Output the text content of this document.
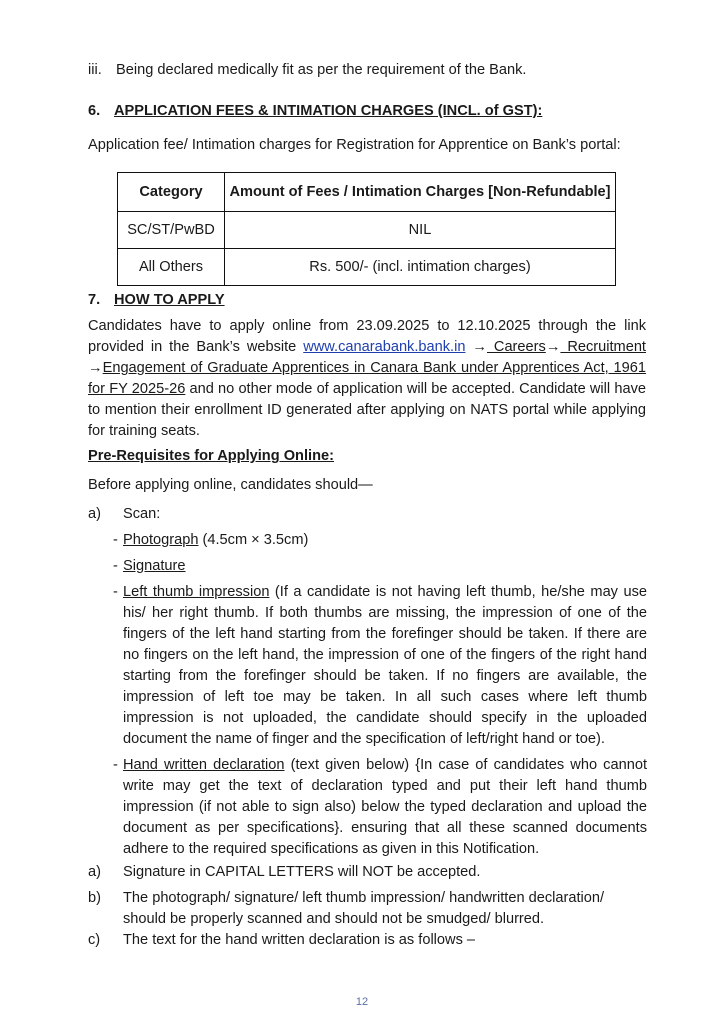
iii. Being declared medically fit as per the requirement of the Bank.

6. APPLICATION FEES & INTIMATION CHARGES (INCL. of GST):

Application fee/ Intimation charges for Registration for Apprentice on Bank’s portal:

Category	Amount of Fees / Intimation Charges [Non-Refundable]
SC/ST/PwBD	NIL
All Others	Rs. 500/- (incl. intimation charges)
7. HOW TO APPLY

Candidates have to apply online from 23.09.2025 to 12.10.2025 through the link provided in the Bank’s website www.canarabank.bank.in → Careers→ Recruitment →Engagement of Graduate Apprentices in Canara Bank under Apprentices Act, 1961 for FY 2025-26 and no other mode of application will be accepted. Candidate will have to mention their enrollment ID generated after applying on NATS portal while applying for training seats.

Pre-Requisites for Applying Online:

Before applying online, candidates should—

a) Scan:

- Photograph (4.5cm × 3.5cm)
- Signature
- Left thumb impression (If a candidate is not having left thumb, he/she may use his/ her right thumb. If both thumbs are missing, the impression of one of the fingers of the left hand starting from the forefinger should be taken. If there are no fingers on the left hand, the impression of one of the fingers of the right hand starting from the forefinger should be taken. If no fingers are available, the impression of left toe may be taken. In all such cases where left thumb impression is not uploaded, the candidate should specify in the uploaded document the name of finger and the specification of left/right hand or toe).
- Hand written declaration (text given below) {In case of candidates who cannot write may get the text of declaration typed and put their left hand thumb impression (if not able to sign also) below the typed declaration and upload the document as per specifications}. ensuring that all these scanned documents adhere to the required specifications as given in this Notification.
a) Signature in CAPITAL LETTERS will NOT be accepted.

b) The photograph/ signature/ left thumb impression/ handwritten declaration/ should be properly scanned and should not be smudged/ blurred.

c) The text for the hand written declaration is as follows –

12
